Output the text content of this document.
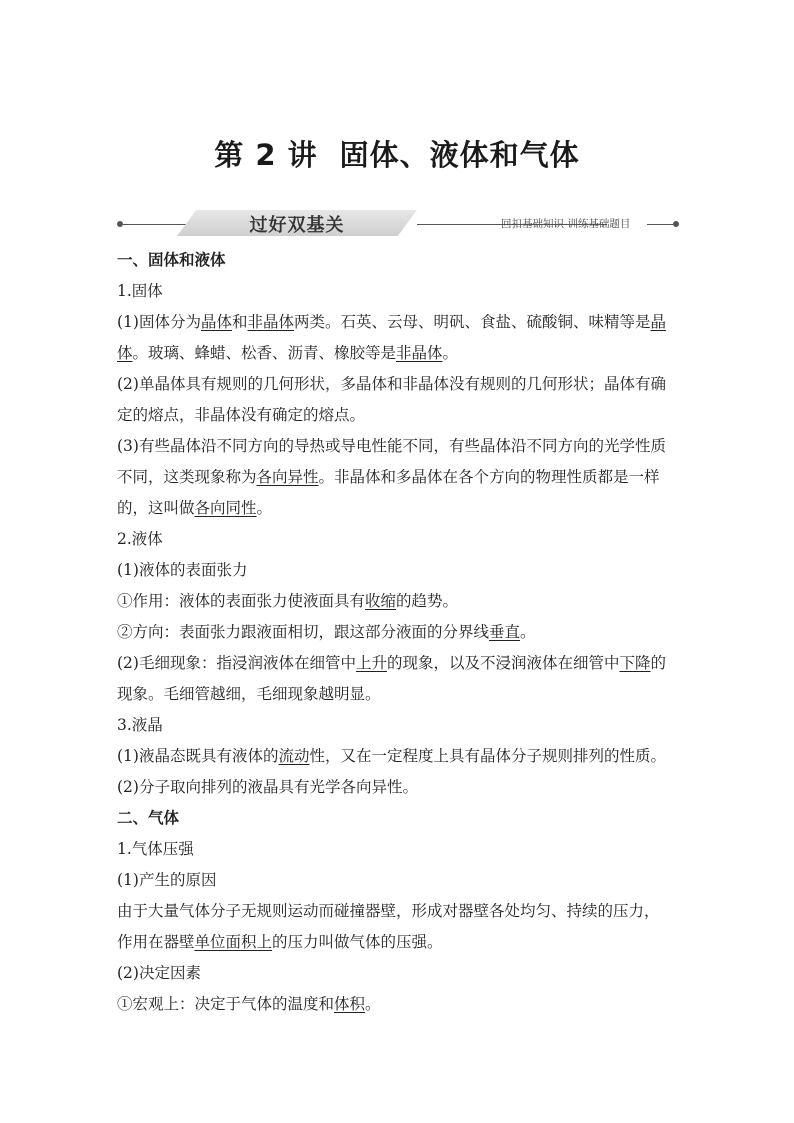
第 2 讲 固体、液体和气体
过好双基关	回扣基础知识 训练基础题目

一、固体和液体

1.固体

(1)固体分为晶体和非晶体两类。石英、云母、明矾、食盐、硫酸铜、味精等是晶

体。玻璃、蜂蜡、松香、沥青、橡胶等是非晶体。

(2)单晶体具有规则的几何形状，多晶体和非晶体没有规则的几何形状；晶体有确

定的熔点，非晶体没有确定的熔点。

(3)有些晶体沿不同方向的导热或导电性能不同，有些晶体沿不同方向的光学性质

不同，这类现象称为各向异性。非晶体和多晶体在各个方向的物理性质都是一样

的，这叫做各向同性。

2.液体

(1)液体的表面张力

①作用：液体的表面张力使液面具有收缩的趋势。

②方向：表面张力跟液面相切，跟这部分液面的分界线垂直。

(2)毛细现象：指浸润液体在细管中上升的现象，以及不浸润液体在细管中下降的

现象。毛细管越细，毛细现象越明显。

3.液晶

(1)液晶态既具有液体的流动性，又在一定程度上具有晶体分子规则排列的性质。

(2)分子取向排列的液晶具有光学各向异性。

二、气体

1.气体压强

(1)产生的原因

由于大量气体分子无规则运动而碰撞器壁，形成对器壁各处均匀、持续的压力，

作用在器壁单位面积上的压力叫做气体的压强。

(2)决定因素

①宏观上：决定于气体的温度和体积。
